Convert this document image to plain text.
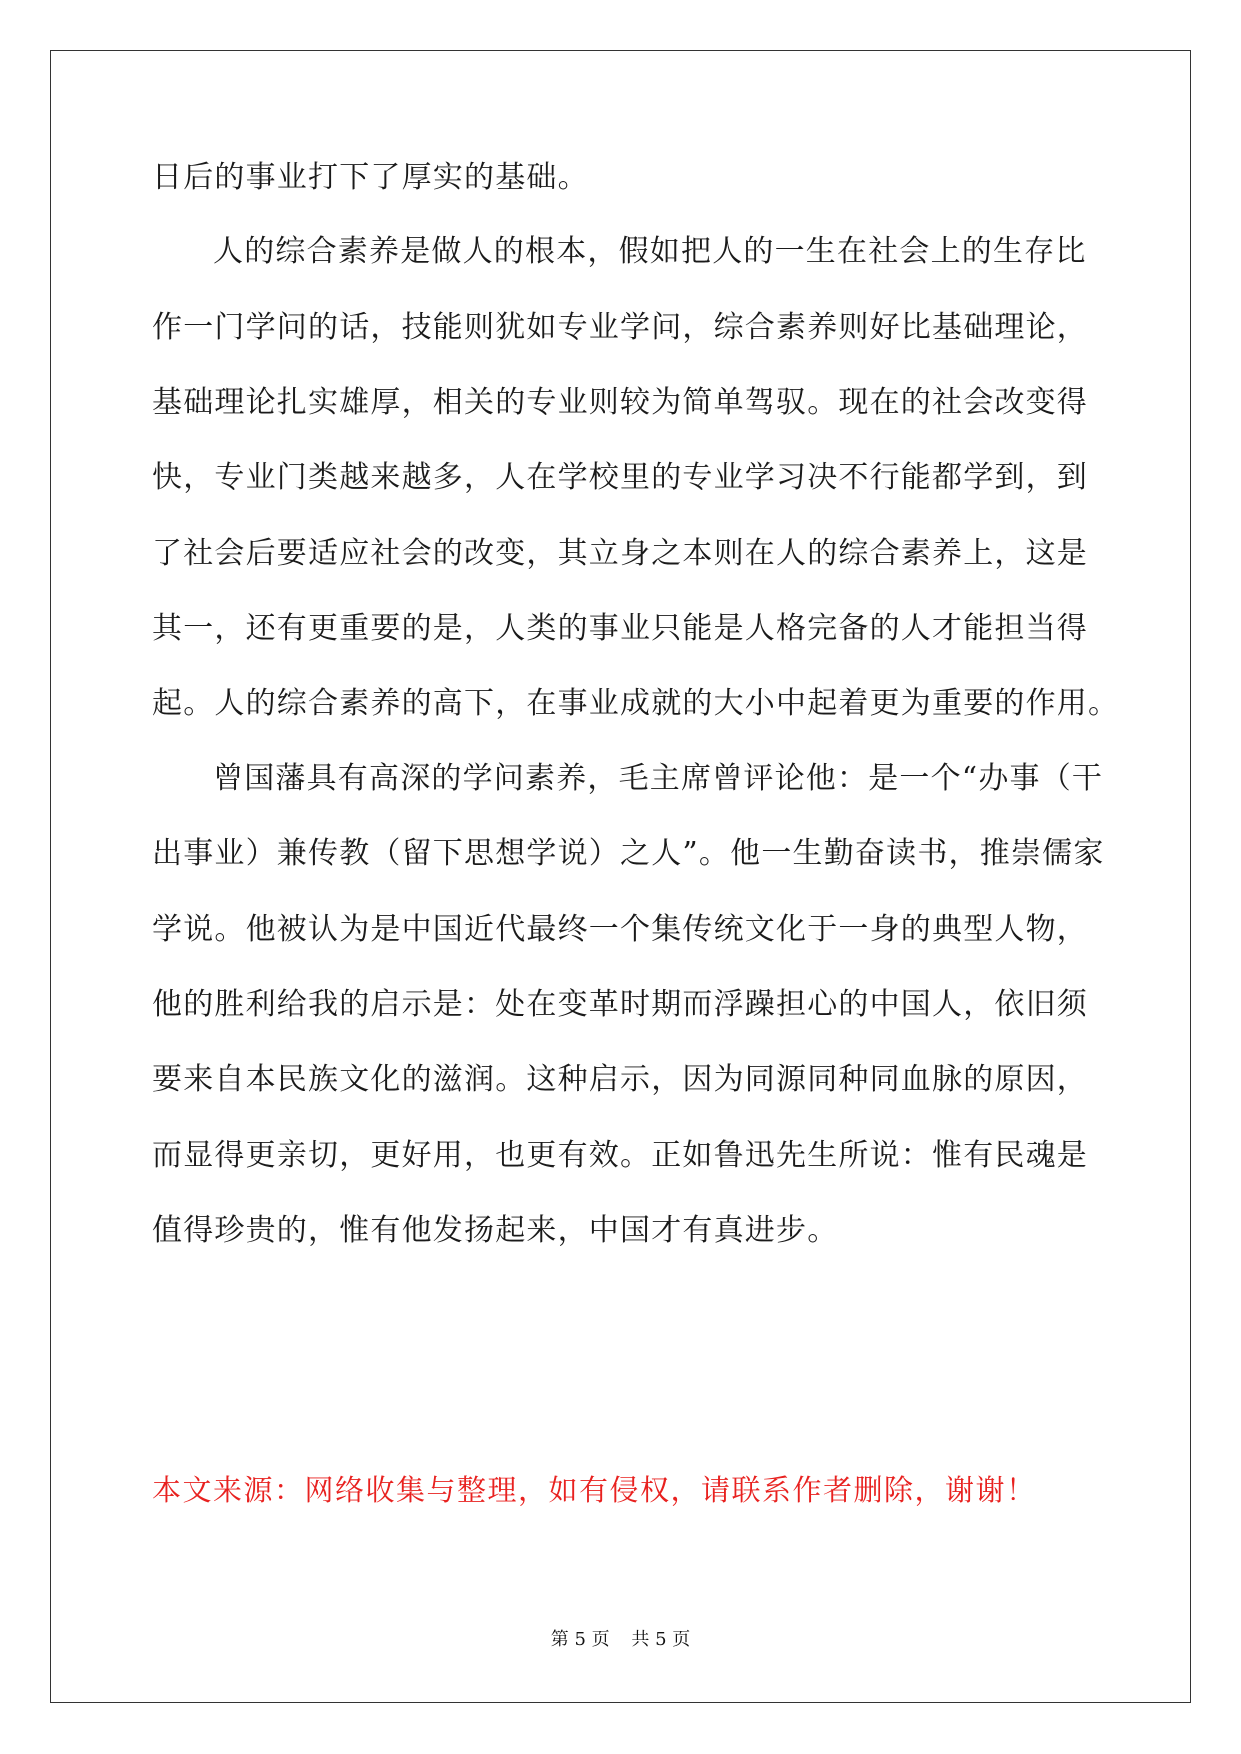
日后的事业打下了厚实的基础。
人的综合素养是做人的根本，假如把人的一生在社会上的生存比
作一门学问的话，技能则犹如专业学问，综合素养则好比基础理论，
基础理论扎实雄厚，相关的专业则较为简单驾驭。现在的社会改变得
快，专业门类越来越多，人在学校里的专业学习决不行能都学到，到
了社会后要适应社会的改变，其立身之本则在人的综合素养上，这是
其一，还有更重要的是，人类的事业只能是人格完备的人才能担当得
起。人的综合素养的高下，在事业成就的大小中起着更为重要的作用。
曾国藩具有高深的学问素养，毛主席曾评论他：是一个“办事（干
出事业）兼传教（留下思想学说）之人”。他一生勤奋读书，推崇儒家
学说。他被认为是中国近代最终一个集传统文化于一身的典型人物，
他的胜利给我的启示是：处在变革时期而浮躁担心的中国人，依旧须
要来自本民族文化的滋润。这种启示，因为同源同种同血脉的原因，
而显得更亲切，更好用，也更有效。正如鲁迅先生所说：惟有民魂是
值得珍贵的，惟有他发扬起来，中国才有真进步。
本文来源：网络收集与整理，如有侵权，请联系作者删除，谢谢！
第 5 页 共 5 页
